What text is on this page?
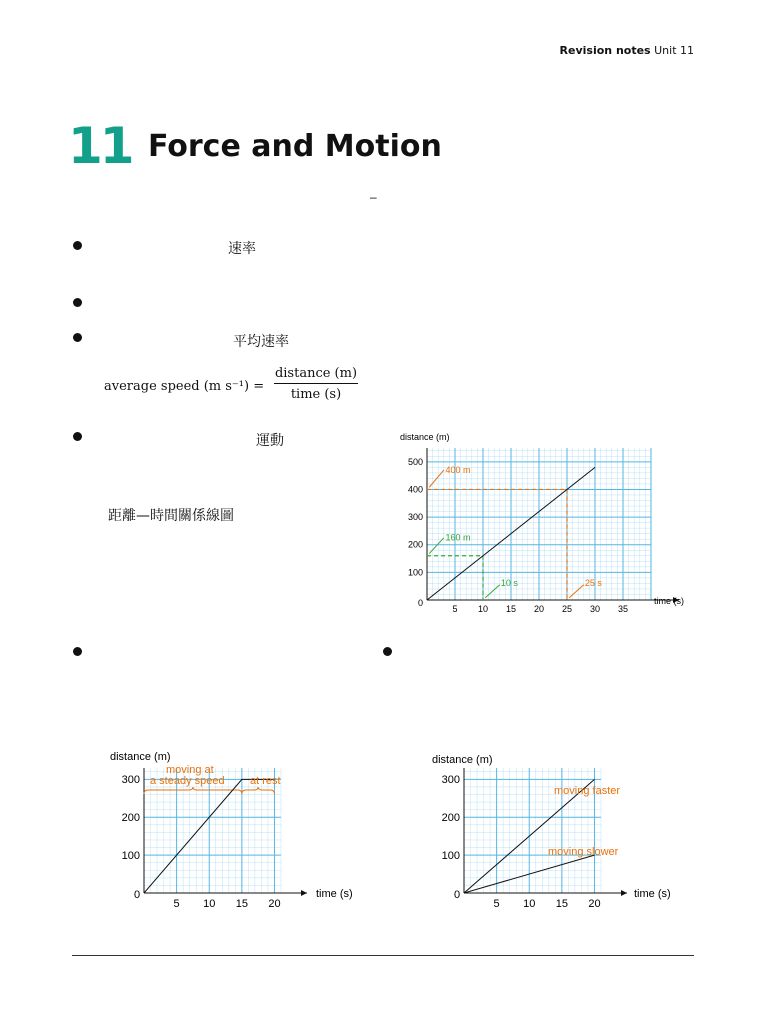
Revision notes Unit 11
11 Force and Motion
–
速率
平均速率
average speed (m s⁻¹) =
distance (m)
time (s)
運動
距離—時間關係線圖
5 10 15 20 25 30 35
100
200
300
400
500
distance (m)
time (s)
0
400 m
160 m
10 s	25 s
5 10 15 20
100
200
300
distance (m)
time (s)
0
moving at
a steady speed at rest
5 10 15 20
100
200
300
distance (m)
time (s)
0
moving faster
moving slower
